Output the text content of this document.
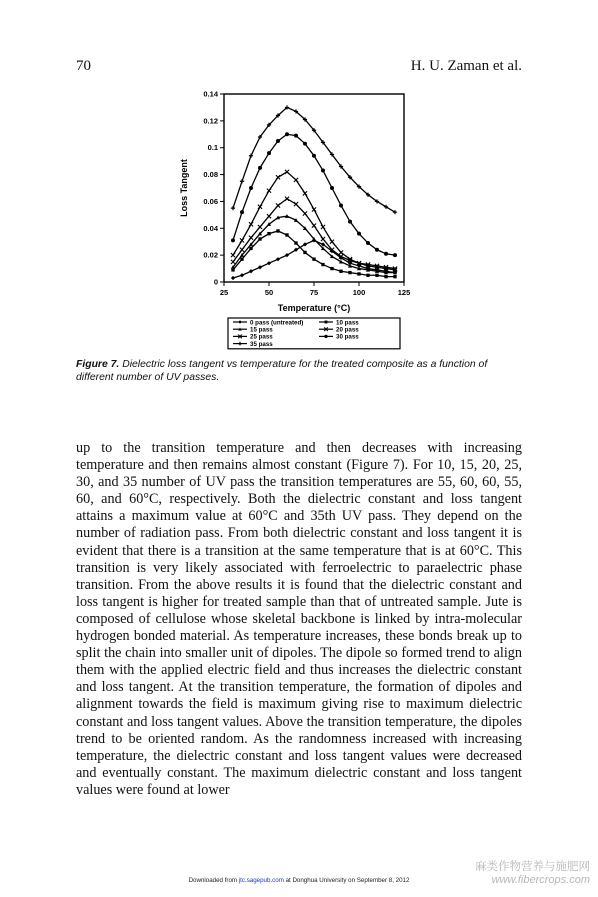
70	H. U. Zaman et al.
0
0.02
0.04
0.06
0.08
0.1
0.12
0.14
25	50	75	100	125
Temperature (°C)
Loss Tangent
0 pass (untreated)	10 pass
15 pass	20 pass
25 pass	30 pass
35 pass
Figure 7. Dielectric loss tangent vs temperature for the treated composite as a function of different number of UV passes.
up to the transition temperature and then decreases with increasing temperature and then remains almost constant (Figure 7). For 10, 15, 20, 25, 30, and 35 number of UV pass the transition temperatures are 55, 60, 60, 55, 60, and 60°C, respectively. Both the dielectric constant and loss tangent attains a maximum value at 60°C and 35th UV pass. They depend on the number of radiation pass. From both dielectric constant and loss tangent it is evident that there is a transition at the same temperature that is at 60°C. This transition is very likely associated with ferroelectric to paraelectric phase transition. From the above results it is found that the dielectric constant and loss tangent is higher for treated sample than that of untreated sample. Jute is composed of cellulose whose skeletal backbone is linked by intra-molecular hydrogen bonded material. As temperature increases, these bonds break up to split the chain into smaller unit of dipoles. The dipole so formed trend to align them with the applied electric field and thus increases the dielectric constant and loss tangent. At the transition temperature, the formation of dipoles and alignment towards the field is maximum giving rise to maximum dielectric constant and loss tangent values. Above the transition temperature, the dipoles trend to be oriented random. As the randomness increased with increasing temperature, the dielectric constant and loss tangent values were decreased and eventually constant. The maximum dielectric constant and loss tangent values were found at lower
Downloaded from jtc.sagepub.com at Donghua University on September 8, 2012
麻类作物营养与施肥网
www.fibercrops.com
